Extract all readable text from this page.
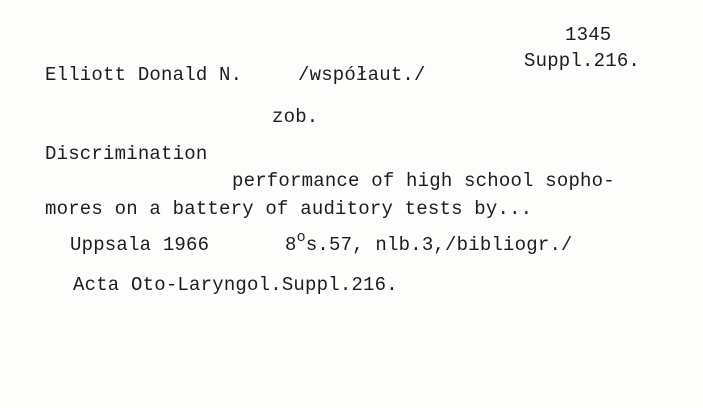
1345
Suppl.216.
Elliott Donald N.	/współaut./
zob.
Discrimination
performance of high school sopho-
mores on a battery of auditory tests by...
Uppsala 1966	8$^o$s.57, nlb.3,/bibliogr./
Acta Oto-Laryngol.Suppl.216.
